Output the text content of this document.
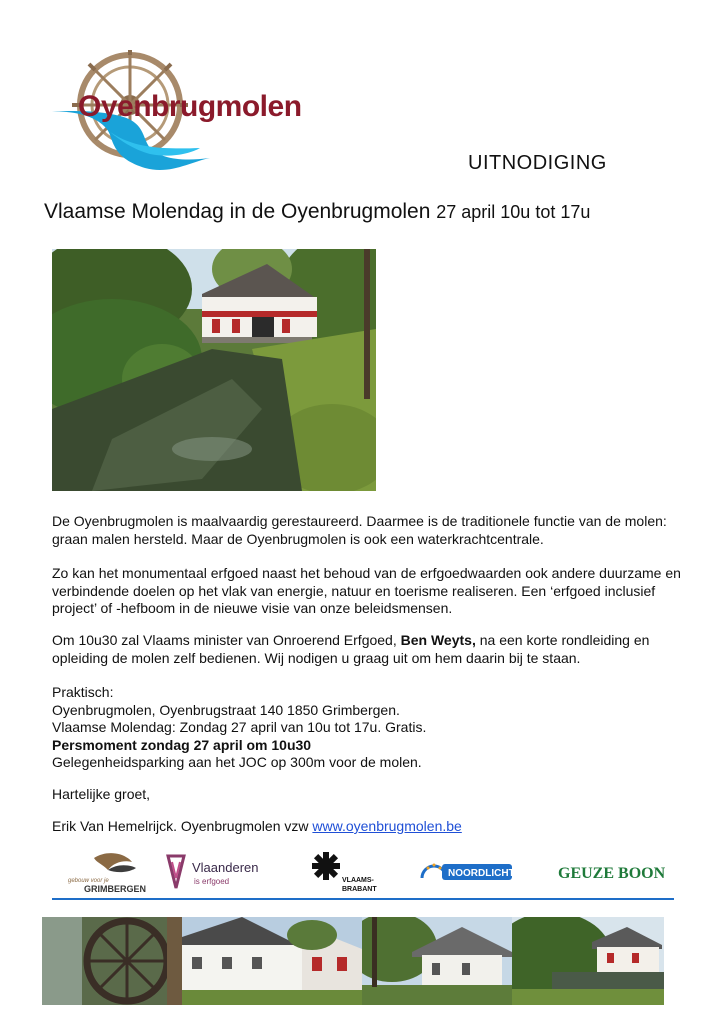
Oyenbrugmolen
UITNODIGING
Vlaamse Molendag in de Oyenbrugmolen 27 april 10u tot 17u
De Oyenbrugmolen is maalvaardig gerestaureerd. Daarmee is de traditionele functie van de molen: graan malen hersteld. Maar de Oyenbrugmolen is ook een waterkrachtcentrale.
Zo kan het monumentaal erfgoed naast het behoud van de erfgoedwaarden ook andere duurzame en verbindende doelen op het vlak van energie, natuur en toerisme realiseren. Een ‘erfgoed inclusief project’ of -hefboom in de nieuwe visie van onze beleidsmensen.
Om 10u30 zal Vlaams minister van Onroerend Erfgoed, Ben Weyts, na een korte rondleiding en opleiding de molen zelf bedienen. Wij nodigen u graag uit om hem daarin bij te staan.
Praktisch:
Oyenbrugmolen, Oyenbrugstraat 140 1850 Grimbergen.
Vlaamse Molendag: Zondag 27 april van 10u tot 17u. Gratis.
Persmoment zondag 27 april om 10u30
Gelegenheidsparking aan het JOC op 300m voor de molen.
Hartelijke groet,
Erik Van Hemelrijck. Oyenbrugmolen vzw www.oyenbrugmolen.be
gebouw voor je
GRIMBERGEN
Vlaanderen
is erfgoed	VLAAMS-
BRABANT
NOORDLICHT	GEUZE BOON
